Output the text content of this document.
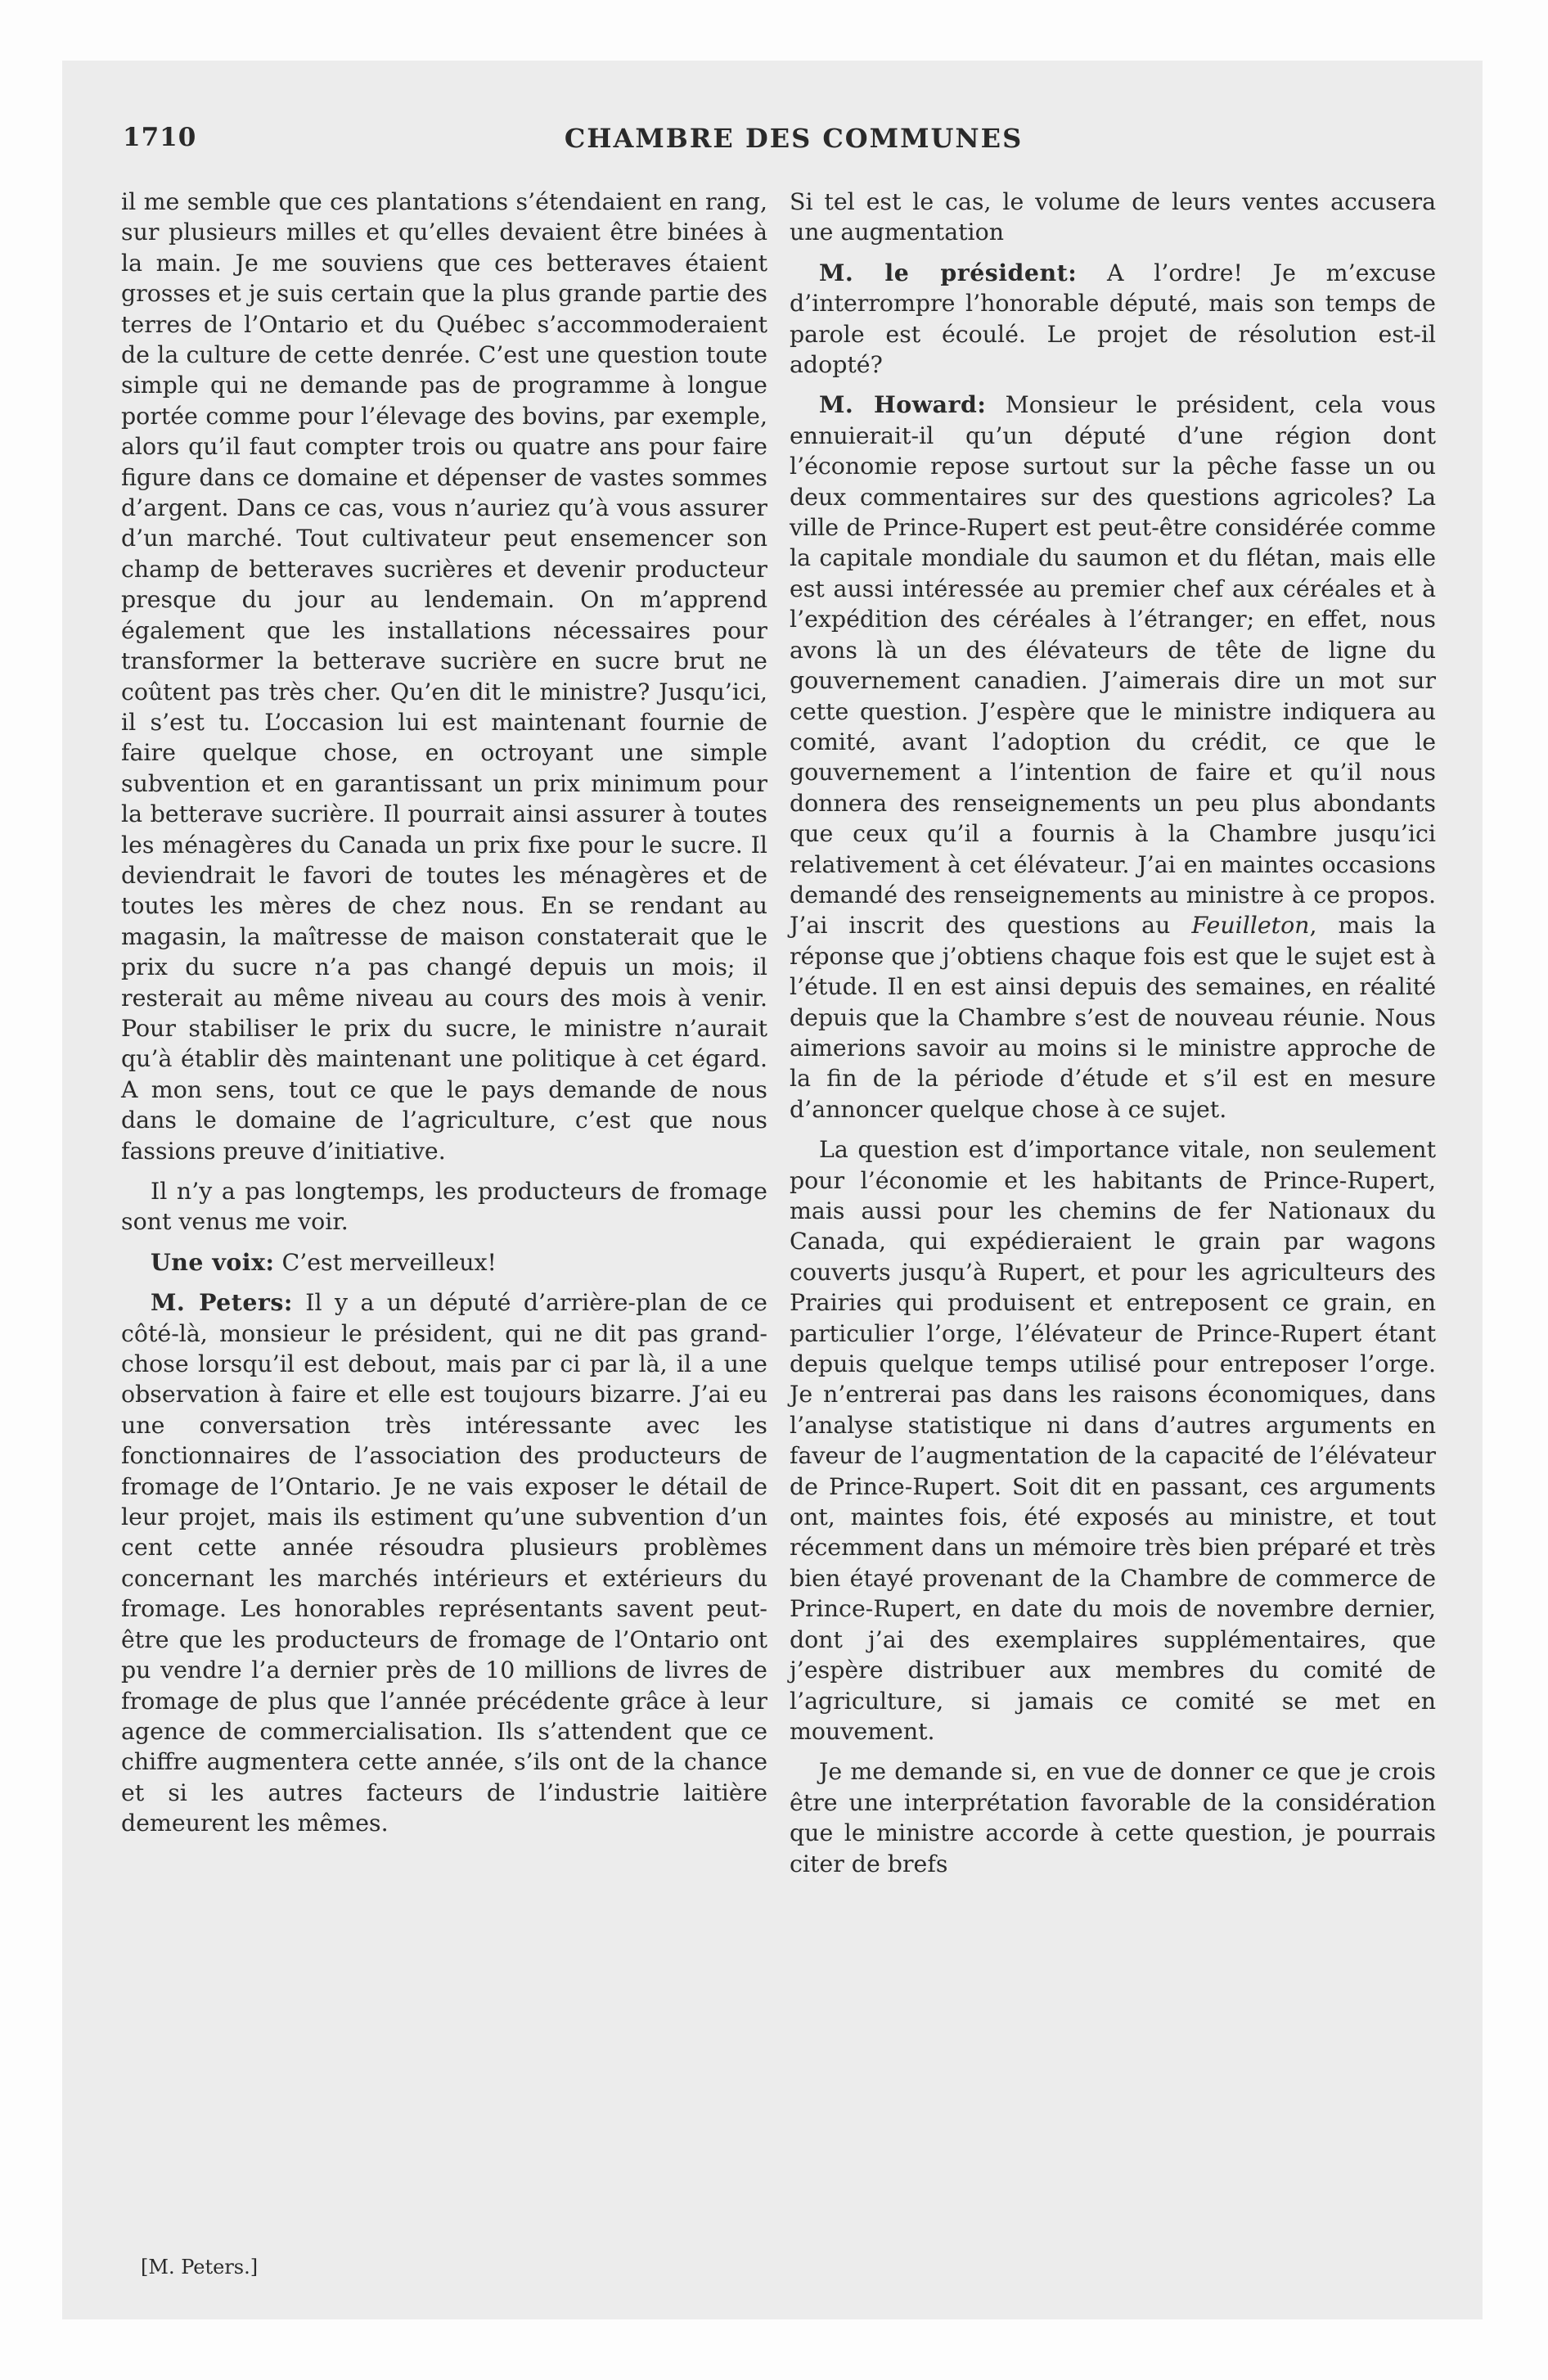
1710	CHAMBRE DES COMMUNES

il me semble que ces plantations s’étendaient en rang, sur plusieurs milles et qu’elles devaient être binées à la main. Je me souviens que ces betteraves étaient grosses et je suis certain que la plus grande partie des terres de l’Ontario et du Québec s’accommoderaient de la culture de cette denrée. C’est une question toute simple qui ne demande pas de programme à longue portée comme pour l’élevage des bovins, par exemple, alors qu’il faut compter trois ou quatre ans pour faire figure dans ce domaine et dépenser de vastes sommes d’argent. Dans ce cas, vous n’auriez qu’à vous assurer d’un marché. Tout cultivateur peut ensemencer son champ de betteraves sucrières et devenir producteur presque du jour au lendemain. On m’apprend également que les installations nécessaires pour transformer la betterave sucrière en sucre brut ne coûtent pas très cher. Qu’en dit le ministre? Jusqu’ici, il s’est tu. L’occasion lui est maintenant fournie de faire quelque chose, en octroyant une simple subvention et en garantissant un prix minimum pour la betterave sucrière. Il pourrait ainsi assurer à toutes les ménagères du Canada un prix fixe pour le sucre. Il deviendrait le favori de toutes les ménagères et de toutes les mères de chez nous. En se rendant au magasin, la maîtresse de maison constaterait que le prix du sucre n’a pas changé depuis un mois; il resterait au même niveau au cours des mois à venir. Pour stabiliser le prix du sucre, le ministre n’aurait qu’à établir dès maintenant une politique à cet égard. A mon sens, tout ce que le pays demande de nous dans le domaine de l’agriculture, c’est que nous fassions preuve d’initiative.

Il n’y a pas longtemps, les producteurs de fromage sont venus me voir.

Une voix: C’est merveilleux!

M. Peters: Il y a un député d’arrière-plan de ce côté-là, monsieur le président, qui ne dit pas grand-chose lorsqu’il est debout, mais par ci par là, il a une observation à faire et elle est toujours bizarre. J’ai eu une conversation très intéressante avec les fonctionnaires de l’association des producteurs de fromage de l’Ontario. Je ne vais exposer le détail de leur projet, mais ils estiment qu’une subvention d’un cent cette année résoudra plusieurs problèmes concernant les marchés intérieurs et extérieurs du fromage. Les honorables représentants savent peut-être que les producteurs de fromage de l’Ontario ont pu vendre l’a dernier près de 10 millions de livres de fromage de plus que l’année précédente grâce à leur agence de commercialisation. Ils s’attendent que ce chiffre augmentera cette année, s’ils ont de la chance et si les autres facteurs de l’industrie laitière demeurent les mêmes.

Si tel est le cas, le volume de leurs ventes accusera une augmentation

M. le président: A l’ordre! Je m’excuse d’interrompre l’honorable député, mais son temps de parole est écoulé. Le projet de résolution est-il adopté?

M. Howard: Monsieur le président, cela vous ennuierait-il qu’un député d’une région dont l’économie repose surtout sur la pêche fasse un ou deux commentaires sur des questions agricoles? La ville de Prince-Rupert est peut-être considérée comme la capitale mondiale du saumon et du flétan, mais elle est aussi intéressée au premier chef aux céréales et à l’expédition des céréales à l’étranger; en effet, nous avons là un des élévateurs de tête de ligne du gouvernement canadien. J’aimerais dire un mot sur cette question. J’espère que le ministre indiquera au comité, avant l’adoption du crédit, ce que le gouvernement a l’intention de faire et qu’il nous donnera des renseignements un peu plus abondants que ceux qu’il a fournis à la Chambre jusqu’ici relativement à cet élévateur. J’ai en maintes occasions demandé des renseignements au ministre à ce propos. J’ai inscrit des questions au Feuilleton, mais la réponse que j’obtiens chaque fois est que le sujet est à l’étude. Il en est ainsi depuis des semaines, en réalité depuis que la Chambre s’est de nouveau réunie. Nous aimerions savoir au moins si le ministre approche de la fin de la période d’étude et s’il est en mesure d’annoncer quelque chose à ce sujet.

La question est d’importance vitale, non seulement pour l’économie et les habitants de Prince-Rupert, mais aussi pour les chemins de fer Nationaux du Canada, qui expédieraient le grain par wagons couverts jusqu’à Rupert, et pour les agriculteurs des Prairies qui produisent et entreposent ce grain, en particulier l’orge, l’élévateur de Prince-Rupert étant depuis quelque temps utilisé pour entreposer l’orge. Je n’entrerai pas dans les raisons économiques, dans l’analyse statistique ni dans d’autres arguments en faveur de l’augmentation de la capacité de l’élévateur de Prince-Rupert. Soit dit en passant, ces arguments ont, maintes fois, été exposés au ministre, et tout récemment dans un mémoire très bien préparé et très bien étayé provenant de la Chambre de commerce de Prince-Rupert, en date du mois de novembre dernier, dont j’ai des exemplaires supplémentaires, que j’espère distribuer aux membres du comité de l’agriculture, si jamais ce comité se met en mouvement.

Je me demande si, en vue de donner ce que je crois être une interprétation favorable de la considération que le ministre accorde à cette question, je pourrais citer de brefs

[M. Peters.]
